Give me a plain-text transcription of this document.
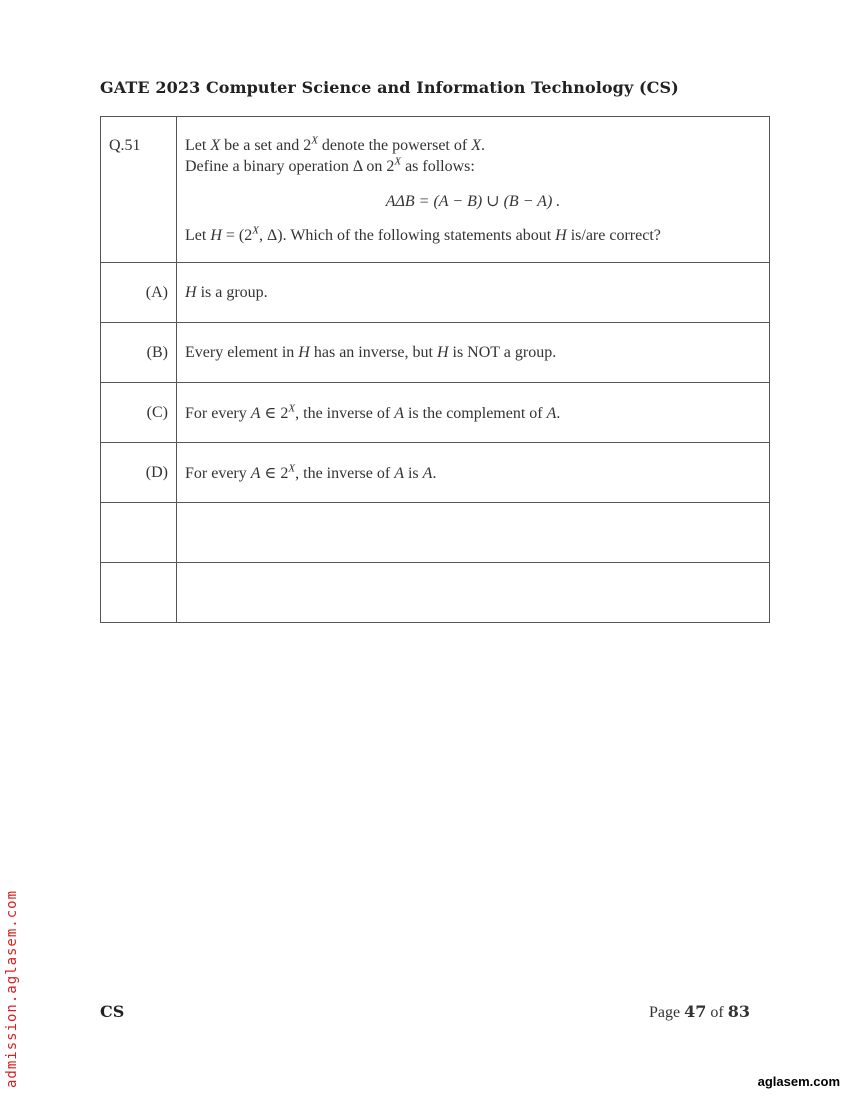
GATE 2023 Computer Science and Information Technology (CS)
Q.51	Let X be a set and $2^X$ denote the powerset of X.
Define a binary operation Δ on $2^X$ as follows:
AΔB = (A − B) ∪ (B − A) .
Let $H = (2^X$, Δ). Which of the following statements about H is/are correct?

(A)	H is a group.
(B)	Every element in H has an inverse, but H is NOT a group.
(C)	For every A ∈ $2^X$, the inverse of A is the complement of A.
(D)	For every A ∈ $2^X$, the inverse of A is A.

CS	Page 47 of 83
admission.aglasem.com	aglasem.com
